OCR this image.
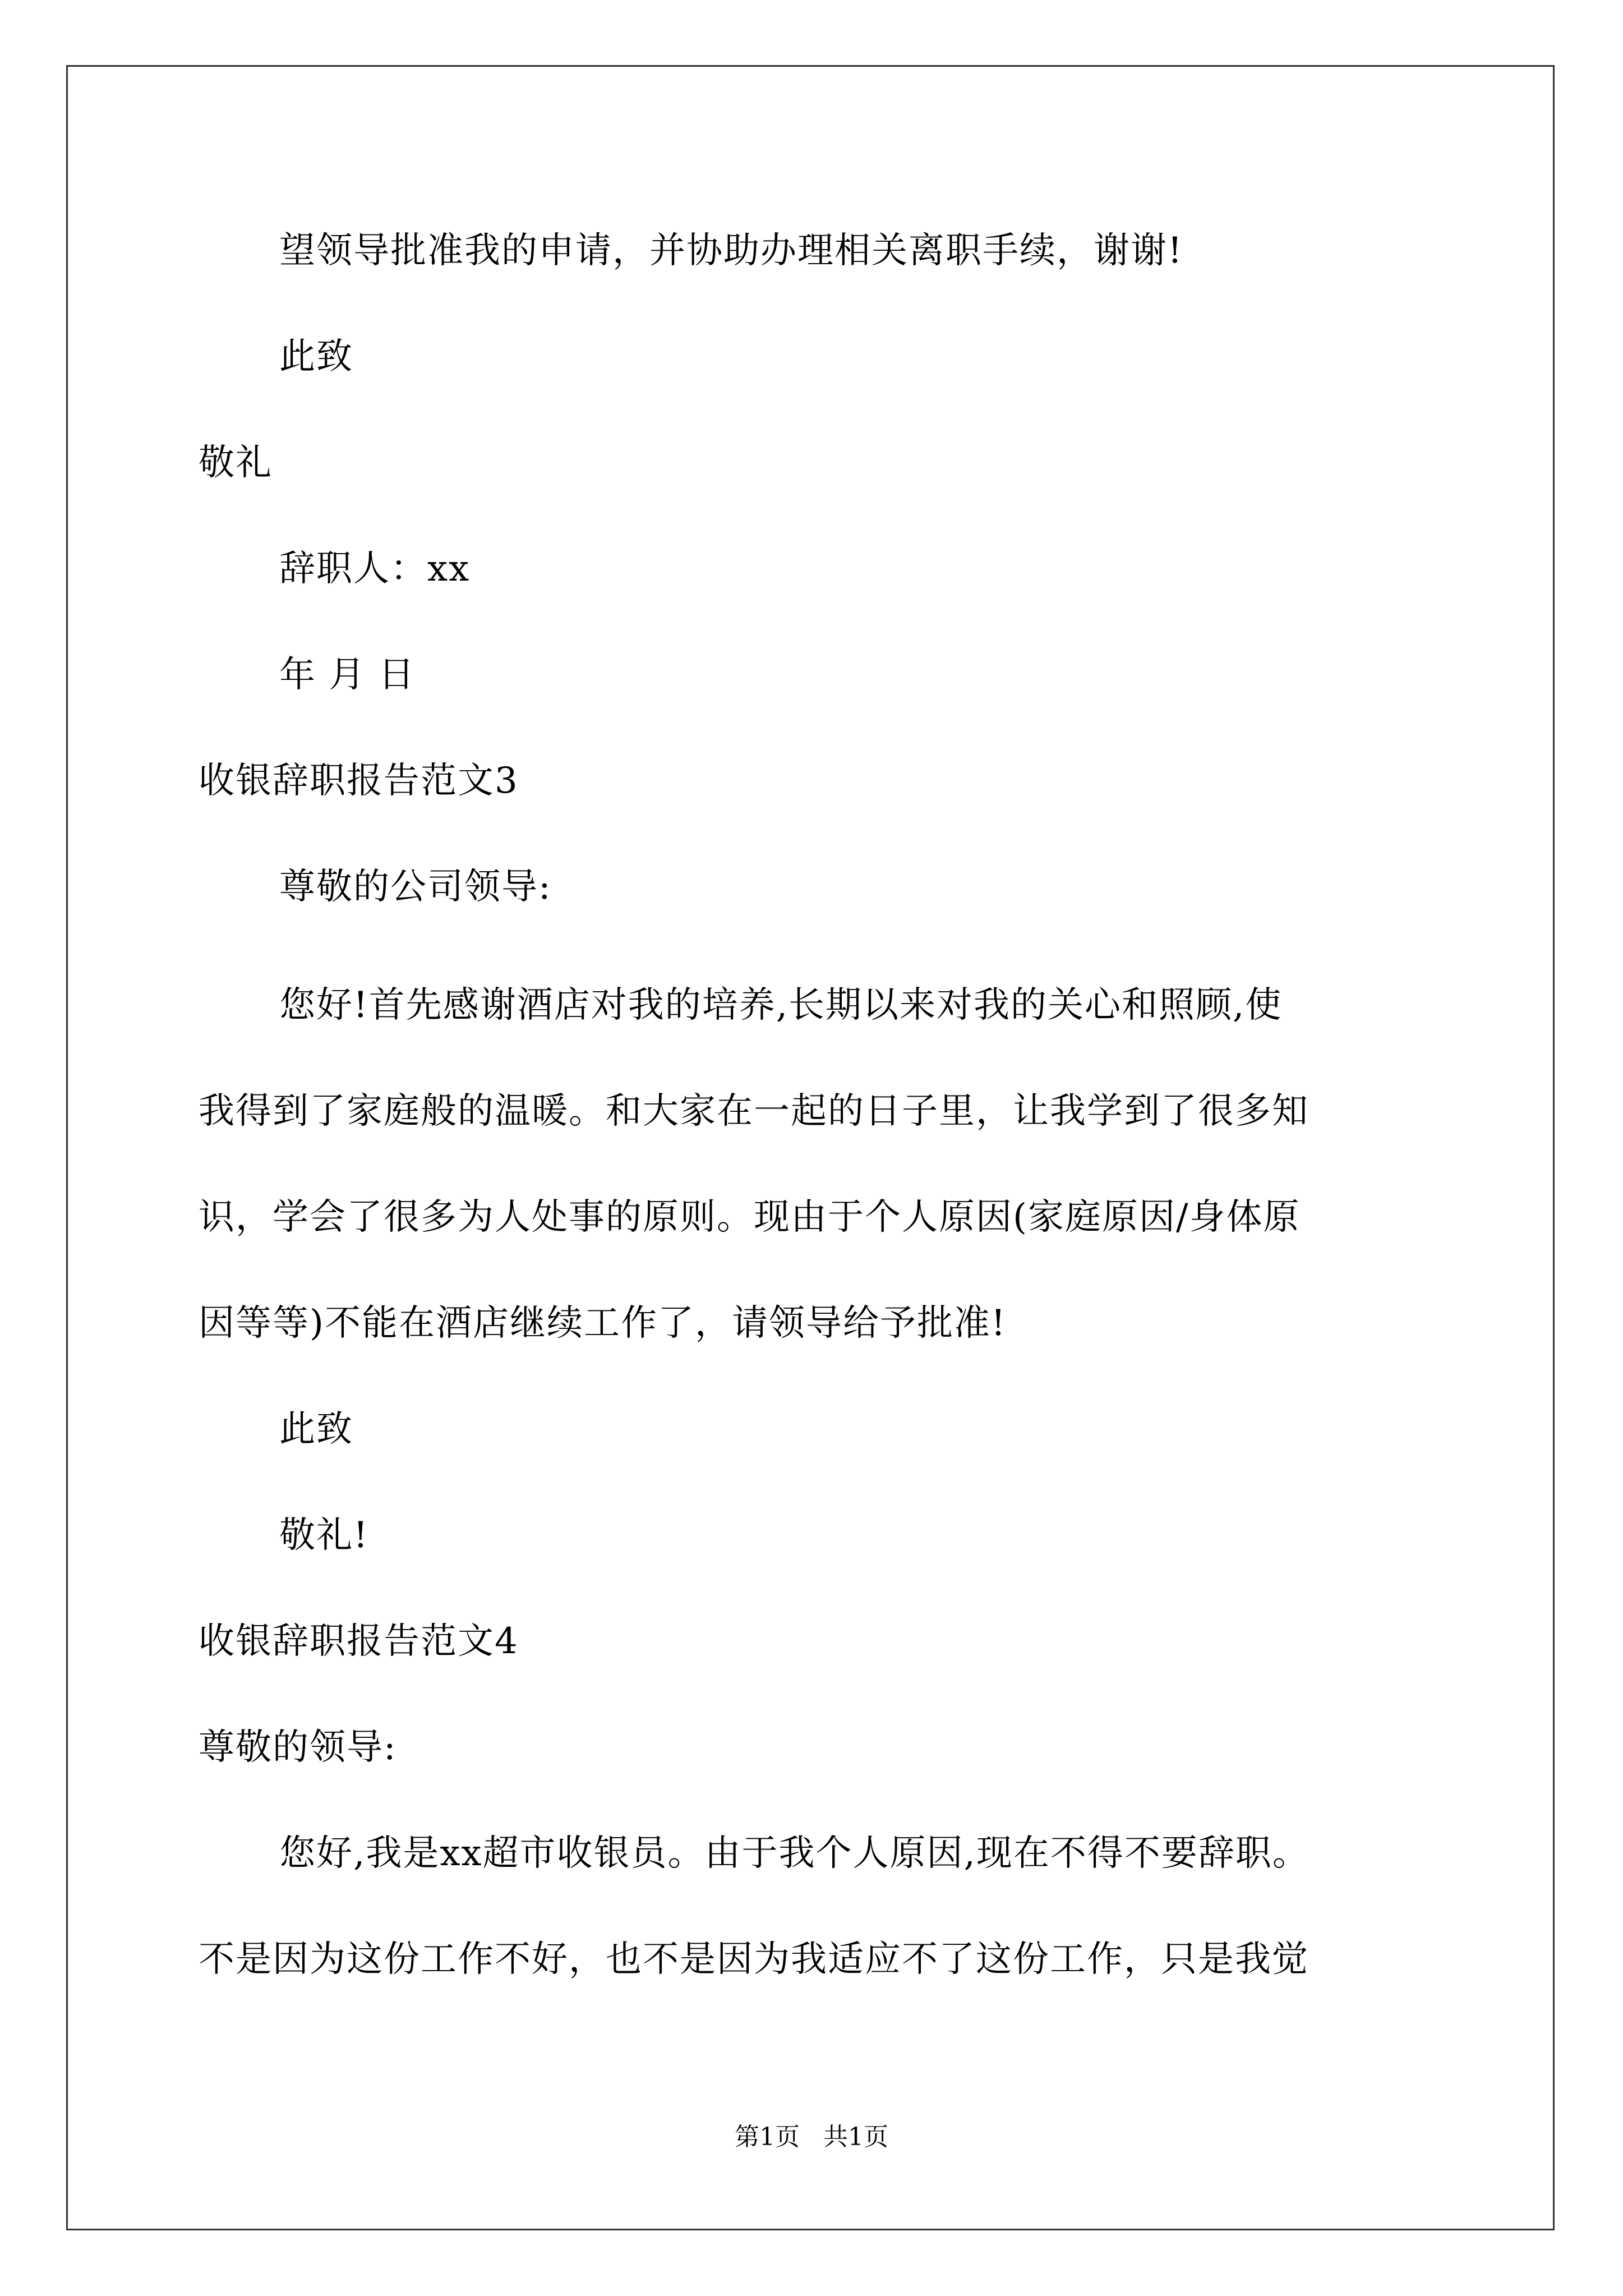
望领导批准我的申请，并协助办理相关离职手续，谢谢!
此致
敬礼
辞职人：xx
年 月 日
收银辞职报告范文3
尊敬的公司领导:
您好!首先感谢酒店对我的培养,长期以来对我的关心和照顾,使
我得到了家庭般的温暖。和大家在一起的日子里，让我学到了很多知
识，学会了很多为人处事的原则。现由于个人原因(家庭原因/身体原
因等等)不能在酒店继续工作了，请领导给予批准!
此致
敬礼!
收银辞职报告范文4
尊敬的领导:
您好,我是xx超市收银员。由于我个人原因,现在不得不要辞职。
不是因为这份工作不好，也不是因为我适应不了这份工作，只是我觉
第1页   共1页
